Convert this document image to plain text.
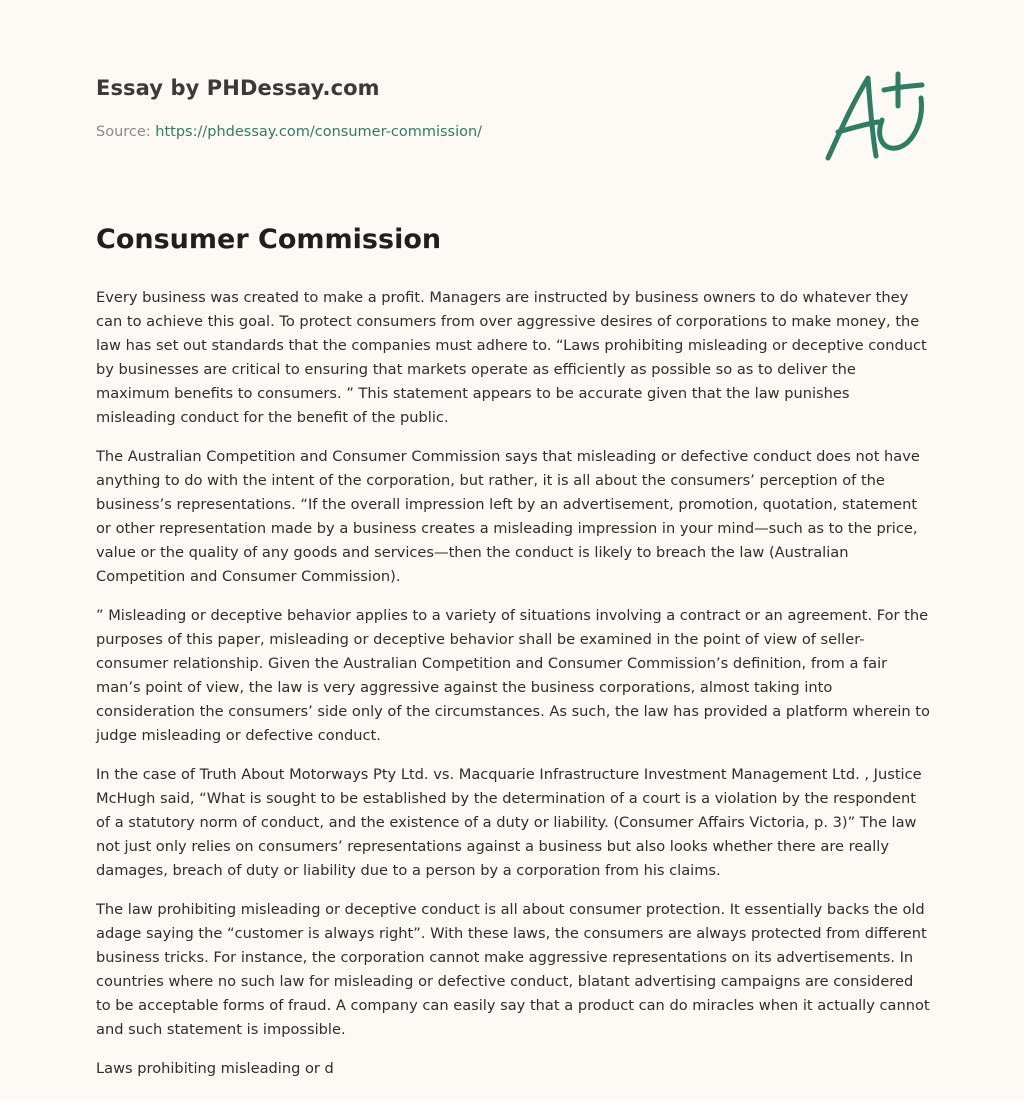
Essay by PHDessay.com
Source: https://phdessay.com/consumer-commission/
Consumer Commission

Every business was created to make a profit. Managers are instructed by business owners to do whatever they can to achieve this goal. To protect consumers from over aggressive desires of corporations to make money, the law has set out standards that the companies must adhere to. “Laws prohibiting misleading or deceptive conduct by businesses are critical to ensuring that markets operate as efficiently as possible so as to deliver the maximum benefits to consumers. ” This statement appears to be accurate given that the law punishes misleading conduct for the benefit of the public.

The Australian Competition and Consumer Commission says that misleading or defective conduct does not have anything to do with the intent of the corporation, but rather, it is all about the consumers’ perception of the business’s representations. “If the overall impression left by an advertisement, promotion, quotation, statement or other representation made by a business creates a misleading impression in your mind—such as to the price, value or the quality of any goods and services—then the conduct is likely to breach the law (Australian Competition and Consumer Commission).

” Misleading or deceptive behavior applies to a variety of situations involving a contract or an agreement. For the purposes of this paper, misleading or deceptive behavior shall be examined in the point of view of seller-consumer relationship. Given the Australian Competition and Consumer Commission’s definition, from a fair man’s point of view, the law is very aggressive against the business corporations, almost taking into consideration the consumers’ side only of the circumstances. As such, the law has provided a platform wherein to judge misleading or defective conduct.

In the case of Truth About Motorways Pty Ltd. vs. Macquarie Infrastructure Investment Management Ltd. , Justice McHugh said, “What is sought to be established by the determination of a court is a violation by the respondent of a statutory norm of conduct, and the existence of a duty or liability. (Consumer Affairs Victoria, p. 3)” The law not just only relies on consumers’ representations against a business but also looks whether there are really damages, breach of duty or liability due to a person by a corporation from his claims.

The law prohibiting misleading or deceptive conduct is all about consumer protection. It essentially backs the old adage saying the “customer is always right”. With these laws, the consumers are always protected from different business tricks. For instance, the corporation cannot make aggressive representations on its advertisements. In countries where no such law for misleading or defective conduct, blatant advertising campaigns are considered to be acceptable forms of fraud. A company can easily say that a product can do miracles when it actually cannot and such statement is impossible.

Laws prohibiting misleading or d
